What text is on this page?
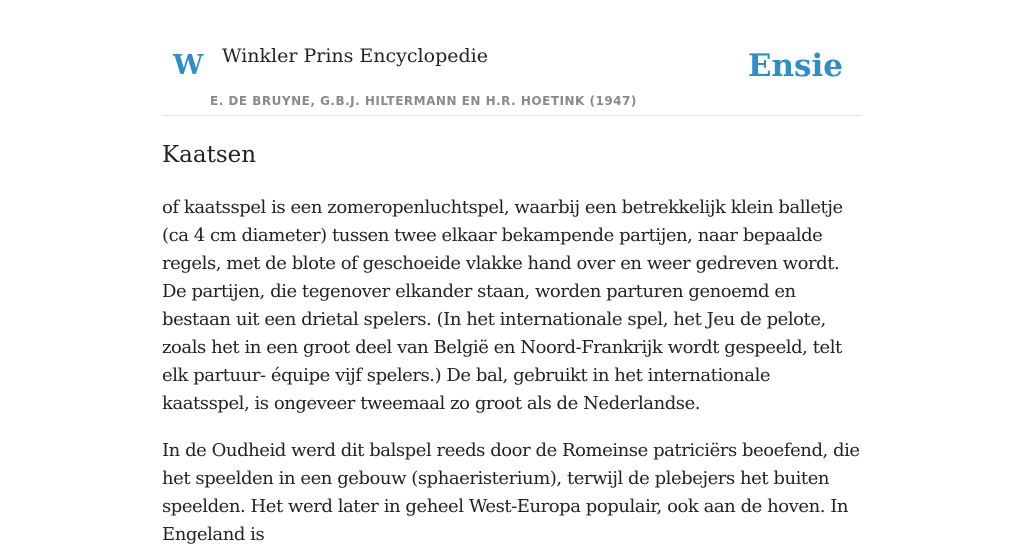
W Winkler Prins Encyclopedie
E. DE BRUYNE, G.B.J. HILTERMANN EN H.R. HOETINK (1947)
Ensie
Kaatsen

of kaatsspel is een zomeropenluchtspel, waarbij een betrekkelijk klein balletje (ca 4 cm diameter) tussen twee elkaar bekampende partijen, naar bepaalde regels, met de blote of geschoeide vlakke hand over en weer gedreven wordt. De partijen, die tegenover elkander staan, worden parturen genoemd en bestaan uit een drietal spelers. (In het internationale spel, het Jeu de pelote, zoals het in een groot deel van België en Noord-Frankrijk wordt gespeeld, telt elk partuur- équipe vijf spelers.) De bal, gebruikt in het internationale kaatsspel, is ongeveer tweemaal zo groot als de Nederlandse.

In de Oudheid werd dit balspel reeds door de Romeinse patriciërs beoefend, die het speelden in een gebouw (sphaeristerium), terwijl de plebejers het buiten speelden. Het werd later in geheel West-Europa populair, ook aan de hoven. In Engeland is
